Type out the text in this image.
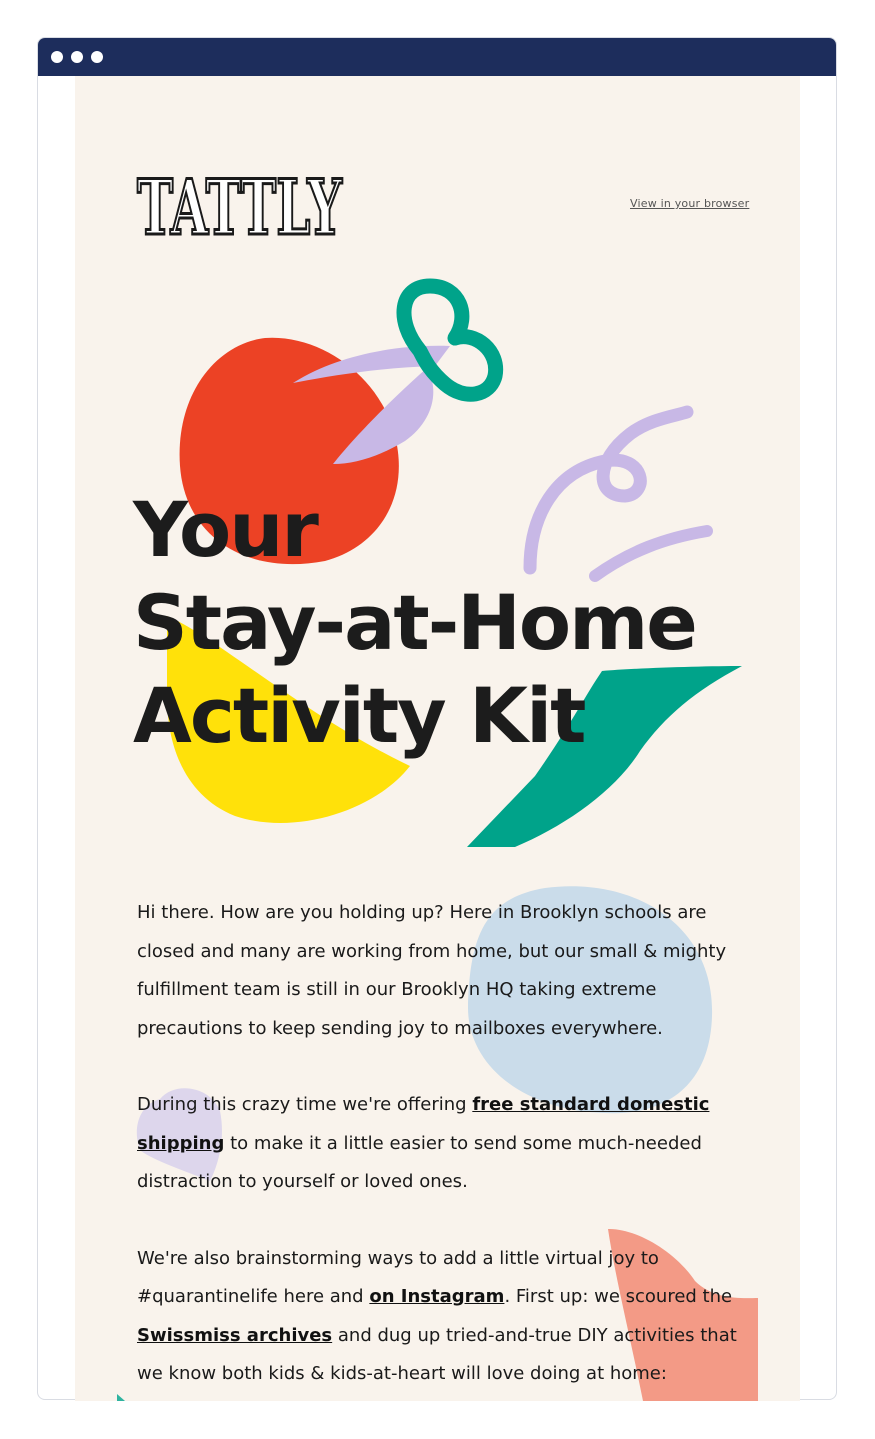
TATTLY	View in your browser
Your
Stay-at-Home
Activity Kit

Hi there. How are you holding up? Here in Brooklyn schools are closed and many are working from home, but our small & mighty fulfillment team is still in our Brooklyn HQ taking extreme precautions to keep sending joy to mailboxes everywhere.

During this crazy time we're offering free standard domestic shipping to make it a little easier to send some much-needed distraction to yourself or loved ones.

We're also brainstorming ways to add a little virtual joy to #quarantinelife here and on Instagram. First up: we scoured the Swissmiss archives and dug up tried-and-true DIY activities that we know both kids & kids-at-heart will love doing at home:
